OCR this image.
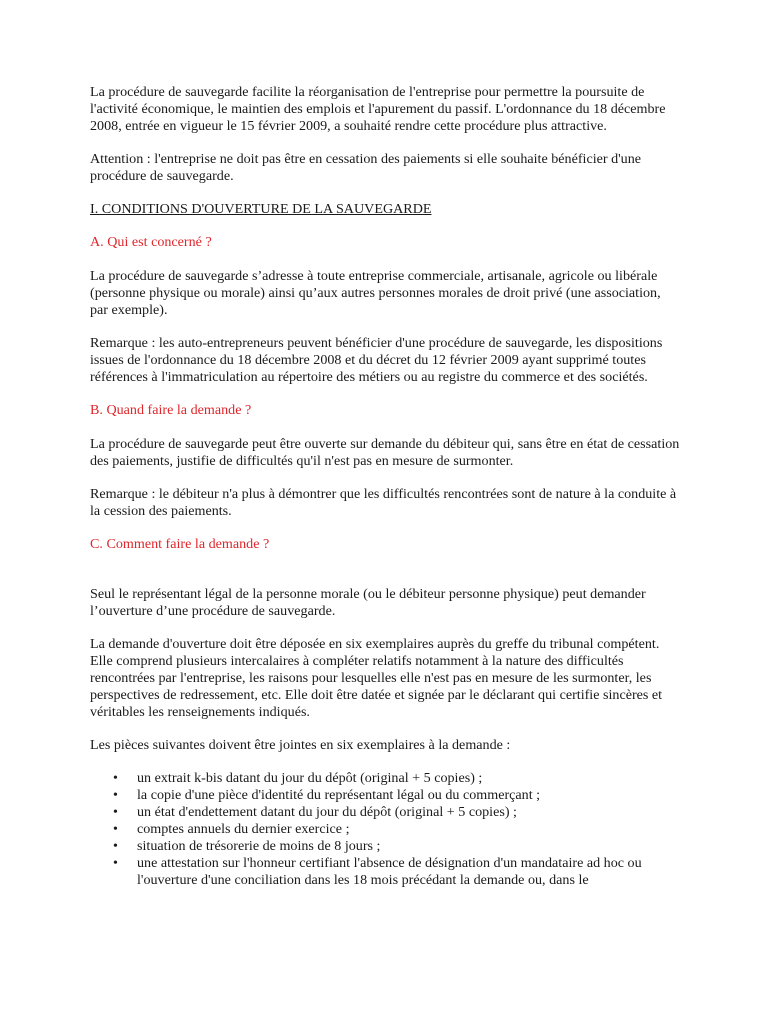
La procédure de sauvegarde facilite la réorganisation de l'entreprise pour permettre la poursuite de l'activité économique, le maintien des emplois et l'apurement du passif. L'ordonnance du 18 décembre 2008, entrée en vigueur le 15 février 2009, a souhaité rendre cette procédure plus attractive.

Attention : l'entreprise ne doit pas être en cessation des paiements si elle souhaite bénéficier d'une procédure de sauvegarde.

I. CONDITIONS D'OUVERTURE DE LA SAUVEGARDE
A. Qui est concerné ?

La procédure de sauvegarde s’adresse à toute entreprise commerciale, artisanale, agricole ou libérale (personne physique ou morale) ainsi qu’aux autres personnes morales de droit privé (une association, par exemple).

Remarque : les auto-entrepreneurs peuvent bénéficier d'une procédure de sauvegarde, les dispositions issues de l'ordonnance du 18 décembre 2008 et du décret du 12 février 2009 ayant supprimé toutes références à l'immatriculation au répertoire des métiers ou au registre du commerce et des sociétés.

B. Quand faire la demande ?

La procédure de sauvegarde peut être ouverte sur demande du débiteur qui, sans être en état de cessation des paiements, justifie de difficultés qu'il n'est pas en mesure de surmonter.

Remarque : le débiteur n'a plus à démontrer que les difficultés rencontrées sont de nature à la conduite à la cession des paiements.

C. Comment faire la demande ?

Seul le représentant légal de la personne morale (ou le débiteur personne physique) peut demander l’ouverture d’une procédure de sauvegarde.

La demande d'ouverture doit être déposée en six exemplaires auprès du greffe du tribunal compétent. Elle comprend plusieurs intercalaires à compléter relatifs notamment à la nature des difficultés rencontrées par l'entreprise, les raisons pour lesquelles elle n'est pas en mesure de les surmonter, les perspectives de redressement, etc. Elle doit être datée et signée par le déclarant qui certifie sincères et véritables les renseignements indiqués.

Les pièces suivantes doivent être jointes en six exemplaires à la demande :

• un extrait k-bis datant du jour du dépôt (original + 5 copies) ;
• la copie d'une pièce d'identité du représentant légal ou du commerçant ;
• un état d'endettement datant du jour du dépôt (original + 5 copies) ;
• comptes annuels du dernier exercice ;
• situation de trésorerie de moins de 8 jours ;
• une attestation sur l'honneur certifiant l'absence de désignation d'un mandataire ad hoc ou l'ouverture d'une conciliation dans les 18 mois précédant la demande ou, dans le
